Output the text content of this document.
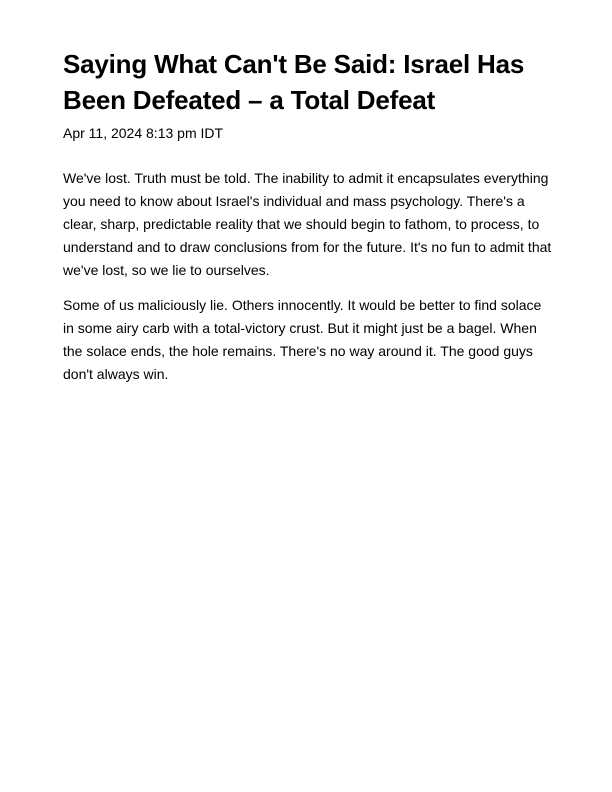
Saying What Can't Be Said: Israel Has Been Defeated – a Total Defeat
Apr 11, 2024 8:13 pm IDT

We've lost. Truth must be told. The inability to admit it encapsulates everything you need to know about Israel's individual and mass psychology. There's a clear, sharp, predictable reality that we should begin to fathom, to process, to understand and to draw conclusions from for the future. It's no fun to admit that we've lost, so we lie to ourselves.

Some of us maliciously lie. Others innocently. It would be better to find solace in some airy carb with a total-victory crust. But it might just be a bagel. When the solace ends, the hole remains. There's no way around it. The good guys don't always win.
